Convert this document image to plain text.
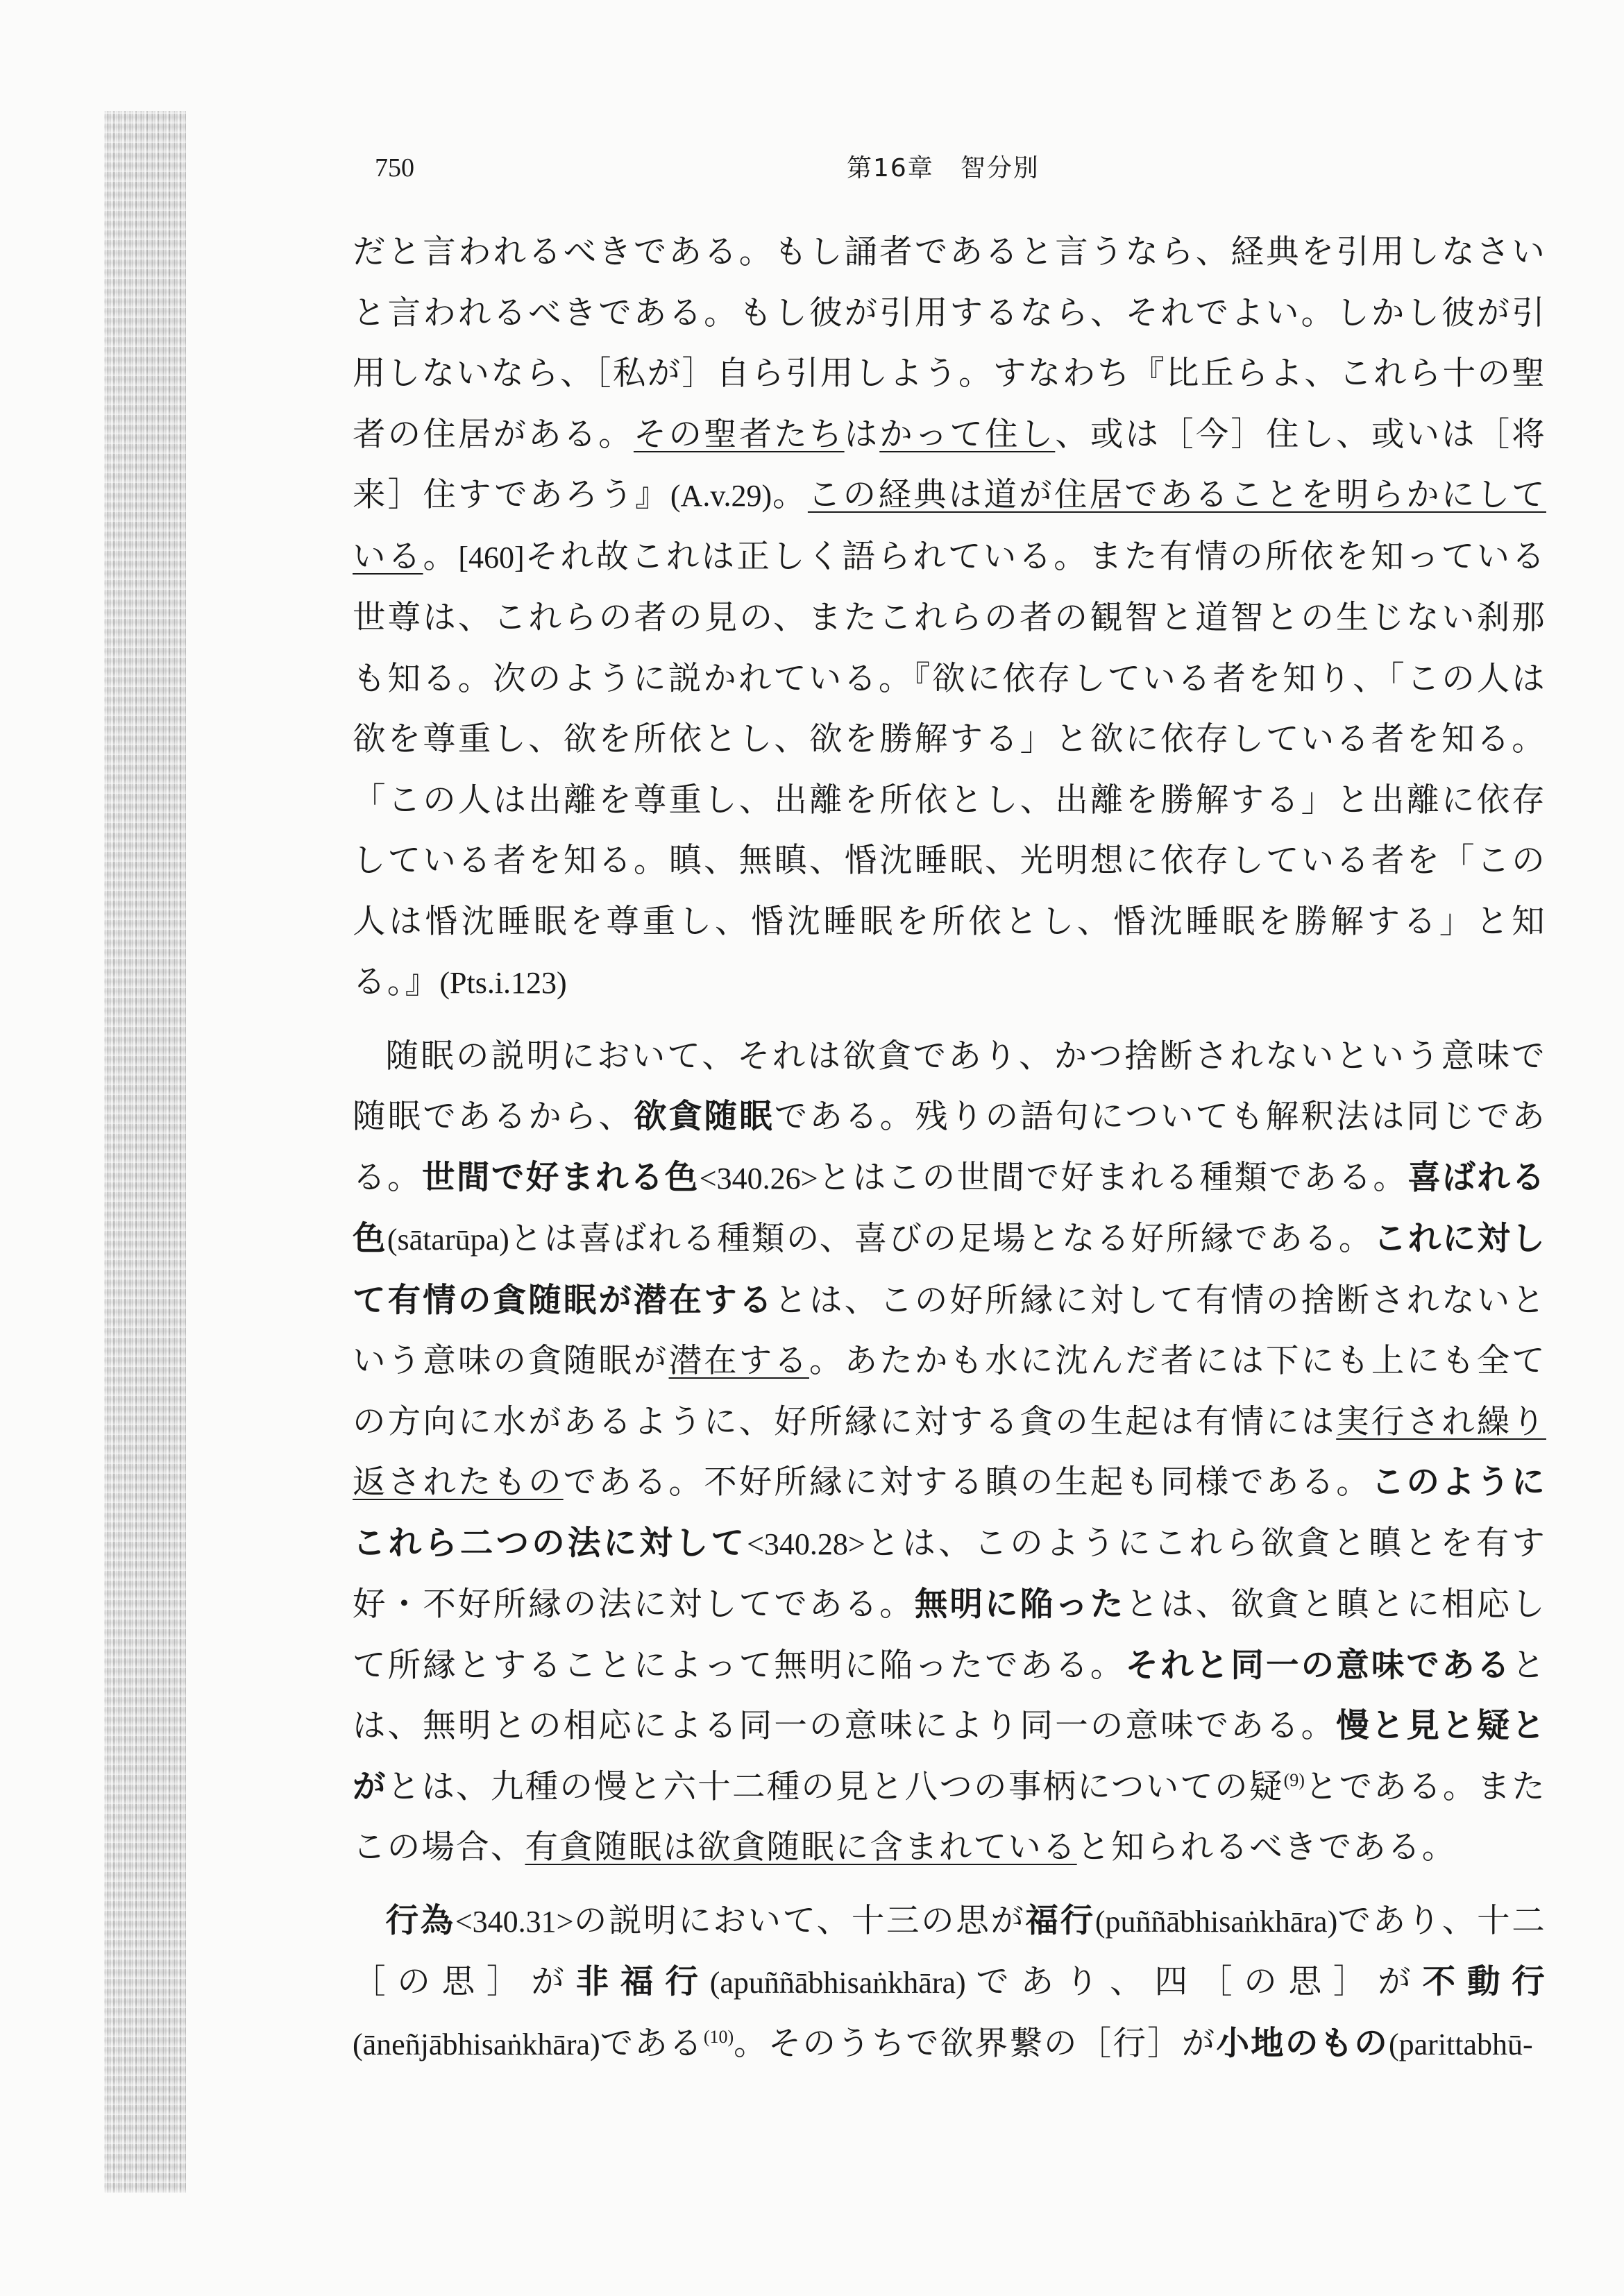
750	第16章　智分別

だと言われるべきである。もし誦者であると言うなら、経典を引用しなさいと言われるべきである。もし彼が引用するなら、それでよい。しかし彼が引用しないなら、［私が］自ら引用しよう。すなわち『比丘らよ、これら十の聖者の住居がある。その聖者たちはかって住し、或は［今］住し、或いは［将来］住すであろう』(A.v.29)。この経典は道が住居であることを明らかにしている。[460]それ故これは正しく語られている。また有情の所依を知っている世尊は、これらの者の見の、またこれらの者の観智と道智との生じない刹那も知る。次のように説かれている。『欲に依存している者を知り、「この人は欲を尊重し、欲を所依とし、欲を勝解する」と欲に依存している者を知る。「この人は出離を尊重し、出離を所依とし、出離を勝解する」と出離に依存している者を知る。瞋、無瞋、惛沈睡眠、光明想に依存している者を「この人は惛沈睡眠を尊重し、惛沈睡眠を所依とし、惛沈睡眠を勝解する」と知る。』(Pts.i.123)

随眠の説明において、それは欲貪であり、かつ捨断されないという意味で随眠であるから、欲貪随眠である。残りの語句についても解釈法は同じである。世間で好まれる色<340.26>とはこの世間で好まれる種類である。喜ばれる色(sātarūpa)とは喜ばれる種類の、喜びの足場となる好所縁である。これに対して有情の貪随眠が潜在するとは、この好所縁に対して有情の捨断されないという意味の貪随眠が潜在する。あたかも水に沈んだ者には下にも上にも全ての方向に水があるように、好所縁に対する貪の生起は有情には実行され繰り返されたものである。不好所縁に対する瞋の生起も同様である。このようにこれら二つの法に対して<340.28>とは、このようにこれら欲貪と瞋とを有す好・不好所縁の法に対してである。無明に陥ったとは、欲貪と瞋とに相応して所縁とすることによって無明に陥ったである。それと同一の意味であるとは、無明との相応による同一の意味により同一の意味である。慢と見と疑とがとは、九種の慢と六十二種の見と八つの事柄についての疑$^{(9)}$とである。またこの場合、有貪随眠は欲貪随眠に含まれていると知られるべきである。

行為<340.31>の説明において、十三の思が福行(puññābhisaṅkhāra)であり、十二［の思］が非福行(apuññābhisaṅkhāra)であり、四［の思］が不動行(āneñjābhisaṅkhāra)である$^{(10)}$。そのうちで欲界繋の［行］が小地のもの(parittabhū-
